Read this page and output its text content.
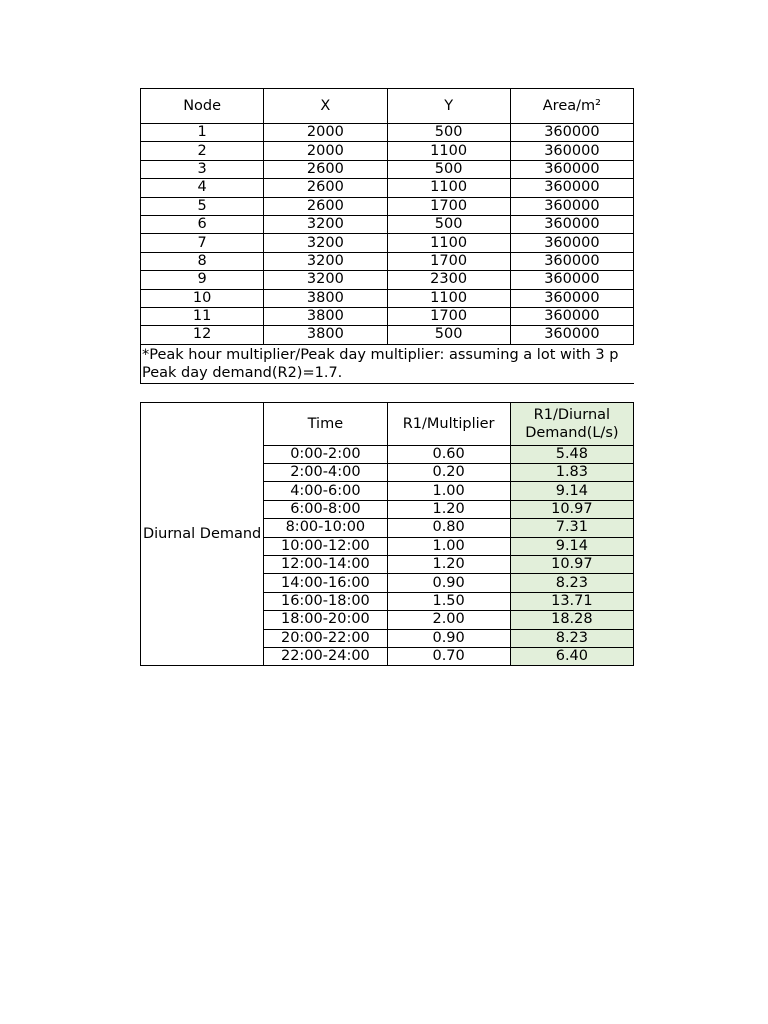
Node	X	Y	Area/m²
1	2000	500	360000
2	2000	1100	360000
3	2600	500	360000
4	2600	1100	360000
5	2600	1700	360000
6	3200	500	360000
7	3200	1100	360000
8	3200	1700	360000
9	3200	2300	360000
10	3800	1100	360000
11	3800	1700	360000
12	3800	500	360000
*Peak hour multiplier/Peak day multiplier: assuming a lot with 3 p
Peak day demand(R2)=1.7.
Diurnal Demand	Time	R1/Multiplier	R1/Diurnal Demand(L/s)
	0:00-2:00	0.60	5.48
	2:00-4:00	0.20	1.83
	4:00-6:00	1.00	9.14
	6:00-8:00	1.20	10.97
	8:00-10:00	0.80	7.31
	10:00-12:00	1.00	9.14
	12:00-14:00	1.20	10.97
	14:00-16:00	0.90	8.23
	16:00-18:00	1.50	13.71
	18:00-20:00	2.00	18.28
	20:00-22:00	0.90	8.23
	22:00-24:00	0.70	6.40
